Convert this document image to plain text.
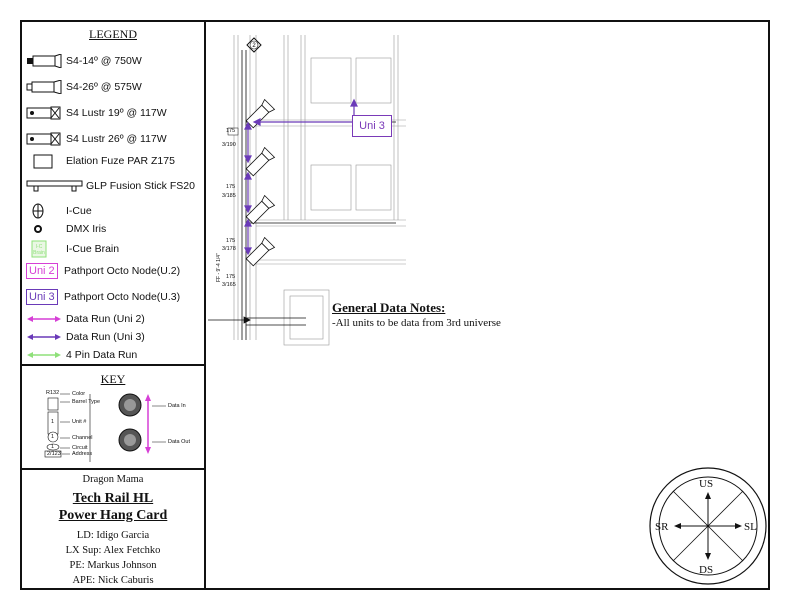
LEGEND
S4-14º @ 750W
S4-26º @ 575W
S4 Lustr 19º @ 117W
S4 Lustr 26º @ 117W
Elation Fuze PAR Z175
GLP Fusion Stick FS20
I-Cue
DMX Iris
I-C
Brain I-Cue Brain
Uni 2 Pathport Octo Node(U.2)
Uni 3 Pathport Octo Node(U.3)
Data Run (Uni 2)
Data Run (Uni 3)
4 Pin Data Run
KEY
R132 Color
Barrel Type
1	Unit #
1	Channel
1	Circuit
2/123 Address
Data In
Data Out
Dragon Mama
Tech Rail HL
Power Hang Card
LD: Idigo Garcia
LX Sup: Alex Fetchko
PE: Markus Johnson
APE: Nick Caburis
2
175
3/190
175
3/185
175
3/178
175
3/165
FF - 9'-4 1/4"
Uni 3
General Data Notes:
-All units to be data from 3rd universe
US
DS
SR	SL
